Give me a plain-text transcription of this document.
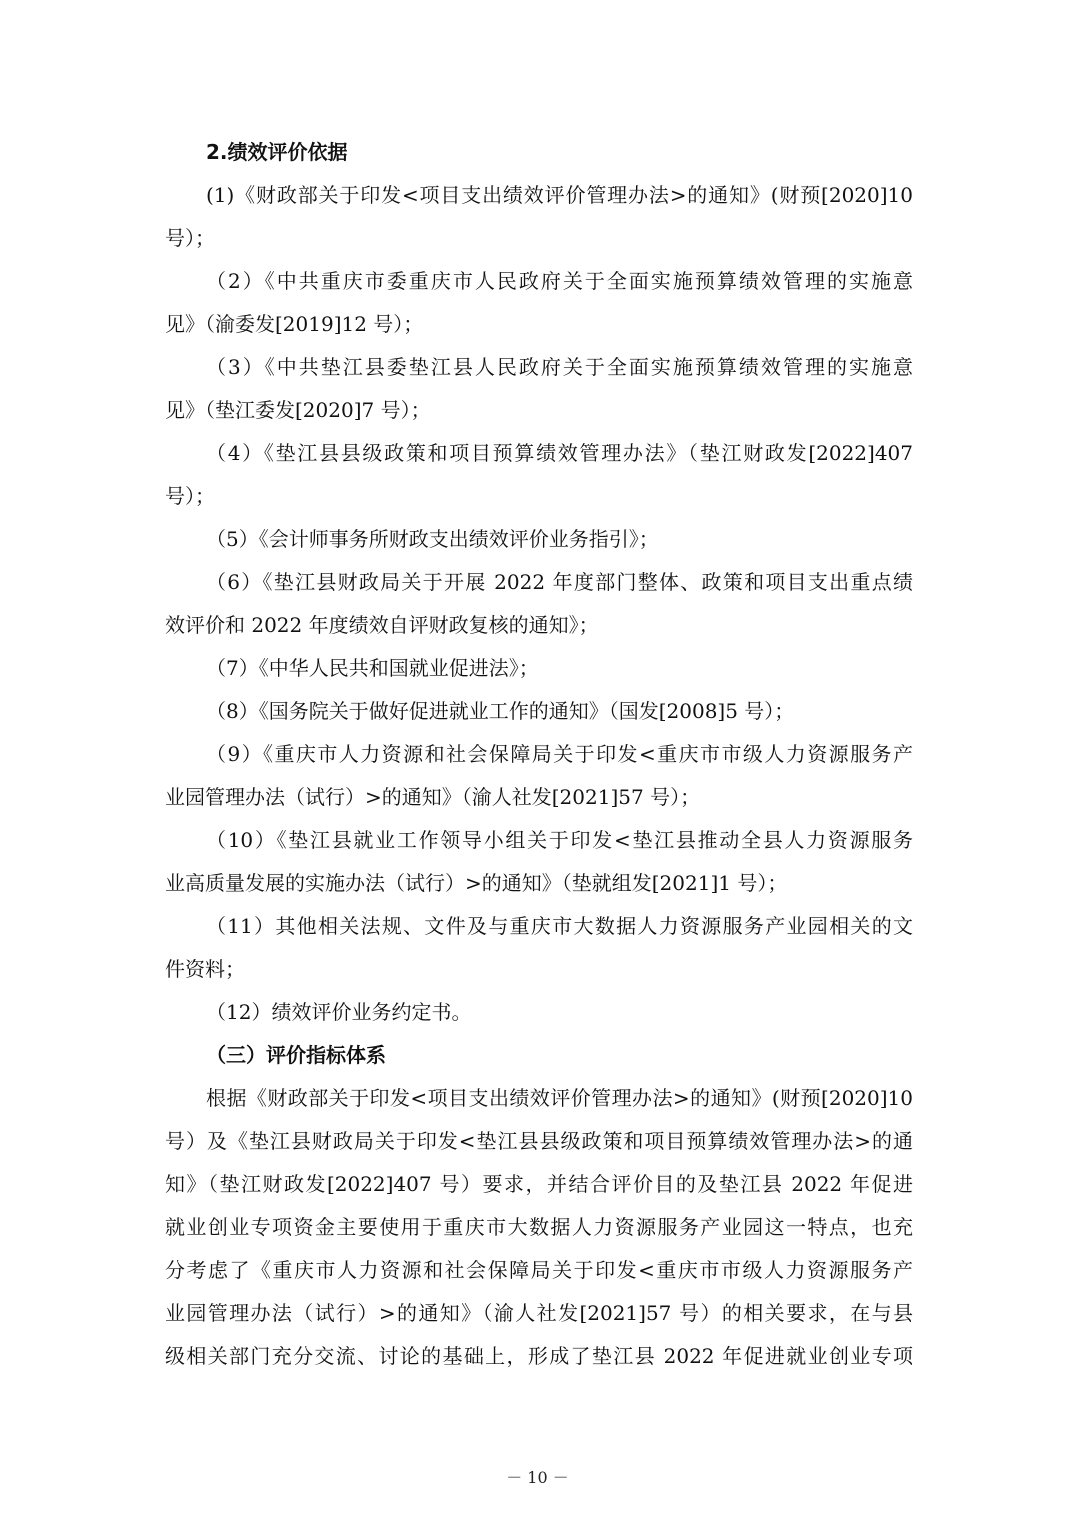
2.绩效评价依据
(1)《财政部关于印发<项目支出绩效评价管理办法>的通知》(财预[2020]10
号）；
（2）《中共重庆市委重庆市人民政府关于全面实施预算绩效管理的实施意
见》（渝委发[2019]12 号）；
（3）《中共垫江县委垫江县人民政府关于全面实施预算绩效管理的实施意
见》（垫江委发[2020]7 号）；
（4）《垫江县县级政策和项目预算绩效管理办法》（垫江财政发[2022]407
号）；
（5）《会计师事务所财政支出绩效评价业务指引》；
（6）《垫江县财政局关于开展 2022 年度部门整体、政策和项目支出重点绩
效评价和 2022 年度绩效自评财政复核的通知》；
（7）《中华人民共和国就业促进法》；
（8）《国务院关于做好促进就业工作的通知》（国发[2008]5 号）；
（9）《重庆市人力资源和社会保障局关于印发<重庆市市级人力资源服务产
业园管理办法（试行）>的通知》（渝人社发[2021]57 号）；
（10）《垫江县就业工作领导小组关于印发<垫江县推动全县人力资源服务
业高质量发展的实施办法（试行）>的通知》（垫就组发[2021]1 号）；
（11）其他相关法规、文件及与重庆市大数据人力资源服务产业园相关的文
件资料；
（12）绩效评价业务约定书。
（三）评价指标体系
根据《财政部关于印发<项目支出绩效评价管理办法>的通知》(财预[2020]10
号）及《垫江县财政局关于印发<垫江县县级政策和项目预算绩效管理办法>的通
知》（垫江财政发[2022]407 号）要求，并结合评价目的及垫江县 2022 年促进
就业创业专项资金主要使用于重庆市大数据人力资源服务产业园这一特点，也充
分考虑了《重庆市人力资源和社会保障局关于印发<重庆市市级人力资源服务产
业园管理办法（试行）>的通知》（渝人社发[2021]57 号）的相关要求，在与县
级相关部门充分交流、讨论的基础上，形成了垫江县 2022 年促进就业创业专项
－ 10 －
